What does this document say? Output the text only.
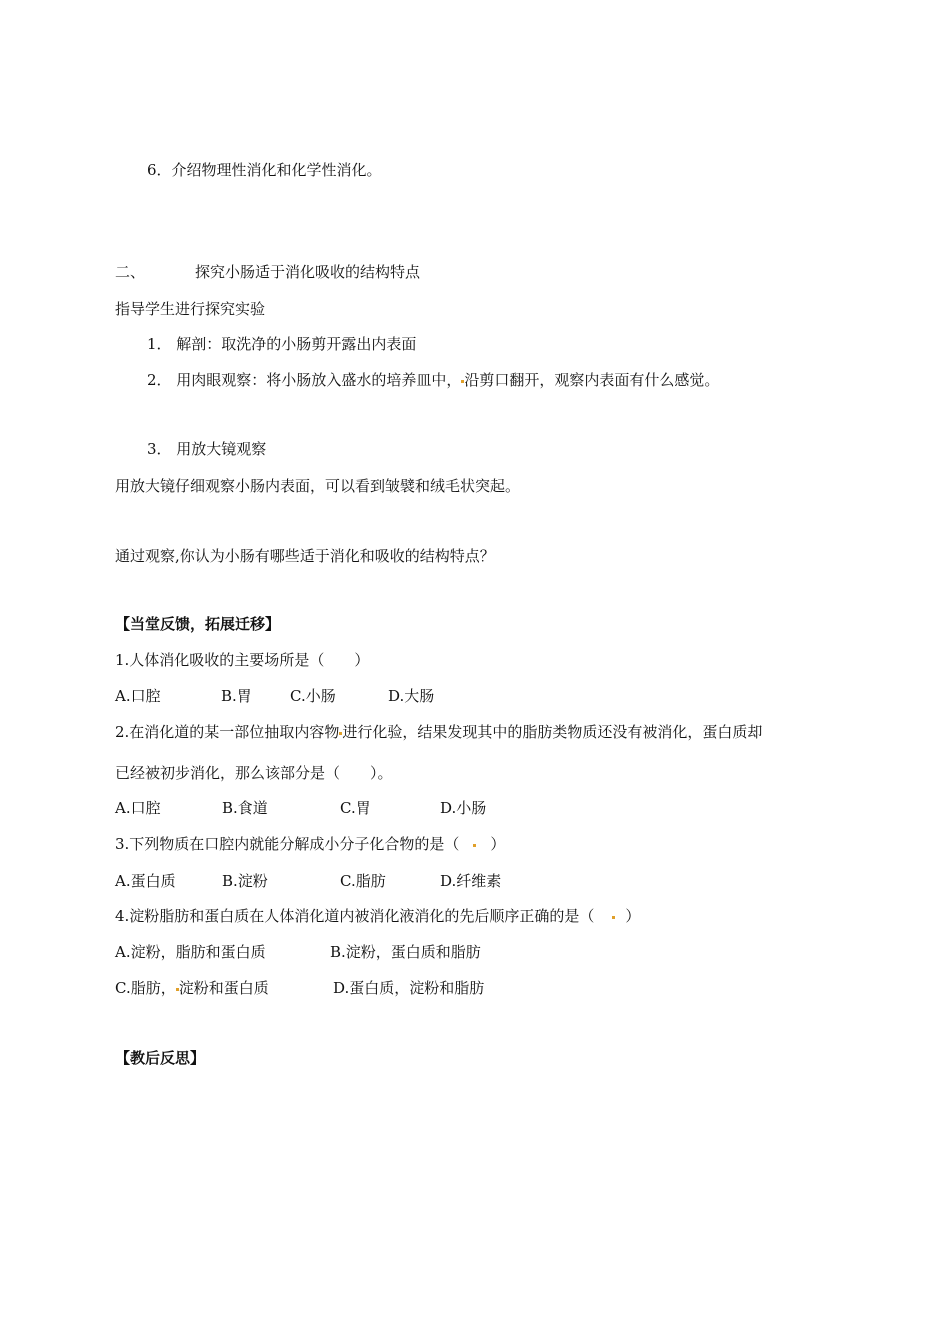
6．介绍物理性消化和化学性消化。
二、	探究小肠适于消化吸收的结构特点
指导学生进行探究实验
1． 解剖：取洗净的小肠剪开露出内表面
2． 用肉眼观察：将小肠放入盛水的培养皿中， 沿剪口翻开，观察内表面有什么感觉。
3． 用放大镜观察
用放大镜仔细观察小肠内表面，可以看到皱襞和绒毛状突起。
通过观察,你认为小肠有哪些适于消化和吸收的结构特点？
【当堂反馈，拓展迁移】
1.人体消化吸收的主要场所是（　　）
A.口腔	B.胃	C.小肠	D.大肠
2.在消化道的某一部位抽取内容物 进行化验，结果发现其中的脂肪类物质还没有被消化，蛋白质却
已经被初步消化，那么该部分是（　　）。
A.口腔	B.食道	C.胃	D.小肠
3.下列物质在口腔内就能分解成小分子化合物的是（ ）
A.蛋白质	B.淀粉	C.脂肪	D.纤维素
4.淀粉脂肪和蛋白质在人体消化道内被消化液消化的先后顺序正确的是（ ）
A.淀粉，脂肪和蛋白质	B.淀粉，蛋白质和脂肪
C.脂肪， 淀粉和蛋白质	D.蛋白质，淀粉和脂肪
【教后反思】
